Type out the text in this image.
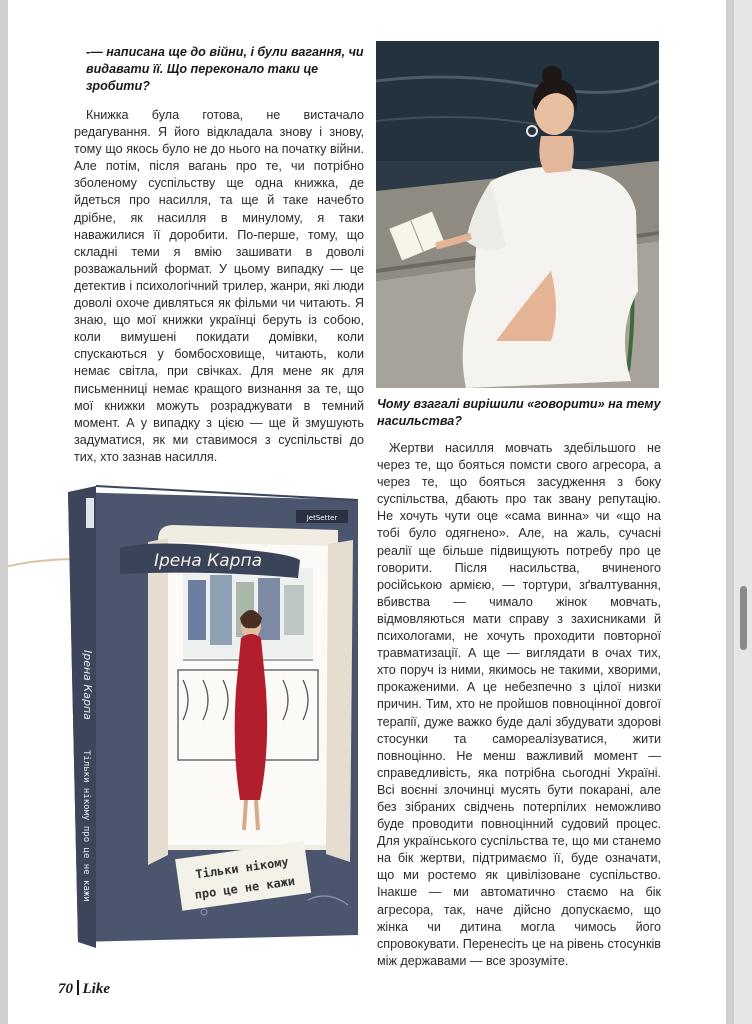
-— написана ще до війни, і були вагання, чи видавати її. Що переконало таки це зробити?

Книжка була готова, не вистачало редагування. Я його відкладала знову і знову, тому що якось було не до нього на початку війни. Але потім, після вагань про те, чи потрібно зболеному суспільству ще одна книжка, де йдеться про насилля, та ще й таке начебто дрібне, як насилля в минулому, я таки наважилися її доробити. По-перше, тому, що складні теми я вмію зашивати в доволі розважальний формат. У цьому випадку — це детектив і психологічний трилер, жанри, які люди доволі охоче дивляться як фільми чи читають. Я знаю, що мої книжки українці беруть із собою, коли вимушені покидати домівки, коли спускаються у бомбосховище, читають, коли немає світла, при свічках. Для мене як для письменниці немає кращого визнання за те, що мої книжки можуть розраджувати в темний момент. А у випадку з цією — ще й змушують задуматися, як ми ставимося з суспільстві до тих, хто зазнав насилля.

Чому взагалі вирішили «говорити» на тему насильства?

Жертви насилля мовчать здебільшого не через те, що бояться помсти свого агресора, а через те, що бояться засудження з боку суспільства, дбають про так звану репутацію. Не хочуть чути оце «сама винна» чи «що на тобі було одягнено». Але, на жаль, сучасні реалії ще більше підвищують потребу про це говорити. Після насильства, вчиненого російською армією, — тортури, зґвалтування, вбивства — чимало жінок мовчать, відмовляються мати справу з захисниками й психологами, не хочуть проходити повторної травматизації. А ще — виглядати в очах тих, хто поруч із ними, якимось не такими, хворими, прокаженими. А це небезпечно з цілої низки причин. Тим, хто не пройшов повноцінної довгої терапії, дуже важко буде далі збудувати здорові стосунки та самореалізуватися, жити повноцінно. Не менш важливий момент — справедливість, яка потрібна сьогодні Україні. Всі воєнні злочинці мусять бути покарані, але без зібраних свідчень потерпілих неможливо буде проводити повноцінний судовий процес. Для українського суспільства те, що ми станемо на бік жертви, підтримаємо її, буде означати, що ми ростемо як цивілізоване суспільство. Інакше — ми автоматично стаємо на бік агресора, так, наче дійсно допускаємо, що жінка чи дитина могла чимось його спровокувати. Перенесіть це на рівень стосунків між державами — все зрозуміте.

JetSetter
Ірена Карпа
Тільки нікому
про це не кажи
Ірена Карпа
Тільки нікому про це не кажи
70 Like
